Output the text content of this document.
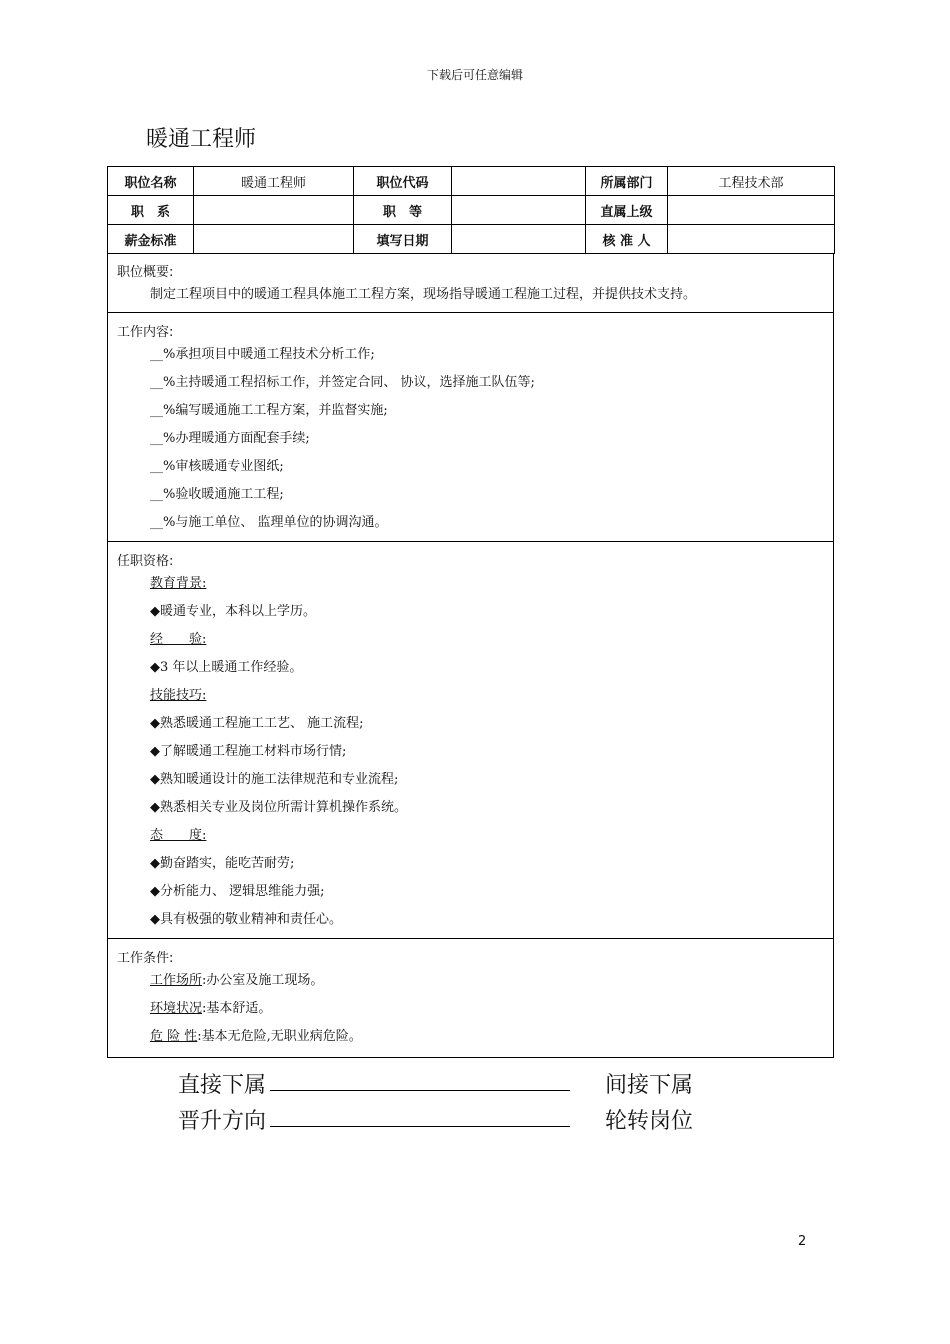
下载后可任意编辑
暖通工程师
职位名称	暖通工程师	职位代码		所属部门	工程技术部
职　系		职　等		直属上级	
薪金标准		填写日期		核 准 人	
职位概要:
制定工程项目中的暖通工程具体施工工程方案，现场指导暖通工程施工过程，并提供技术支持。
工作内容:
__%承担项目中暖通工程技术分析工作;
__%主持暖通工程招标工作，并签定合同、 协议，选择施工队伍等;
__%编写暖通施工工程方案，并监督实施;
__%办理暖通方面配套手续;
__%审核暖通专业图纸;
__%验收暖通施工工程;
__%与施工单位、 监理单位的协调沟通。
任职资格:
教育背景:
◆暖通专业，本科以上学历。
经　　验:
◆3 年以上暖通工作经验。
技能技巧:
◆熟悉暖通工程施工工艺、 施工流程;
◆了解暖通工程施工材料市场行情;
◆熟知暖通设计的施工法律规范和专业流程;
◆熟悉相关专业及岗位所需计算机操作系统。
态　　度:
◆勤奋踏实，能吃苦耐劳;
◆分析能力、 逻辑思维能力强;
◆具有极强的敬业精神和责任心。
工作条件:
工作场所:办公室及施工现场。
环境状况:基本舒适。
危 险 性:基本无危险,无职业病危险。
直接下属	间接下属
晋升方向	轮转岗位
2
